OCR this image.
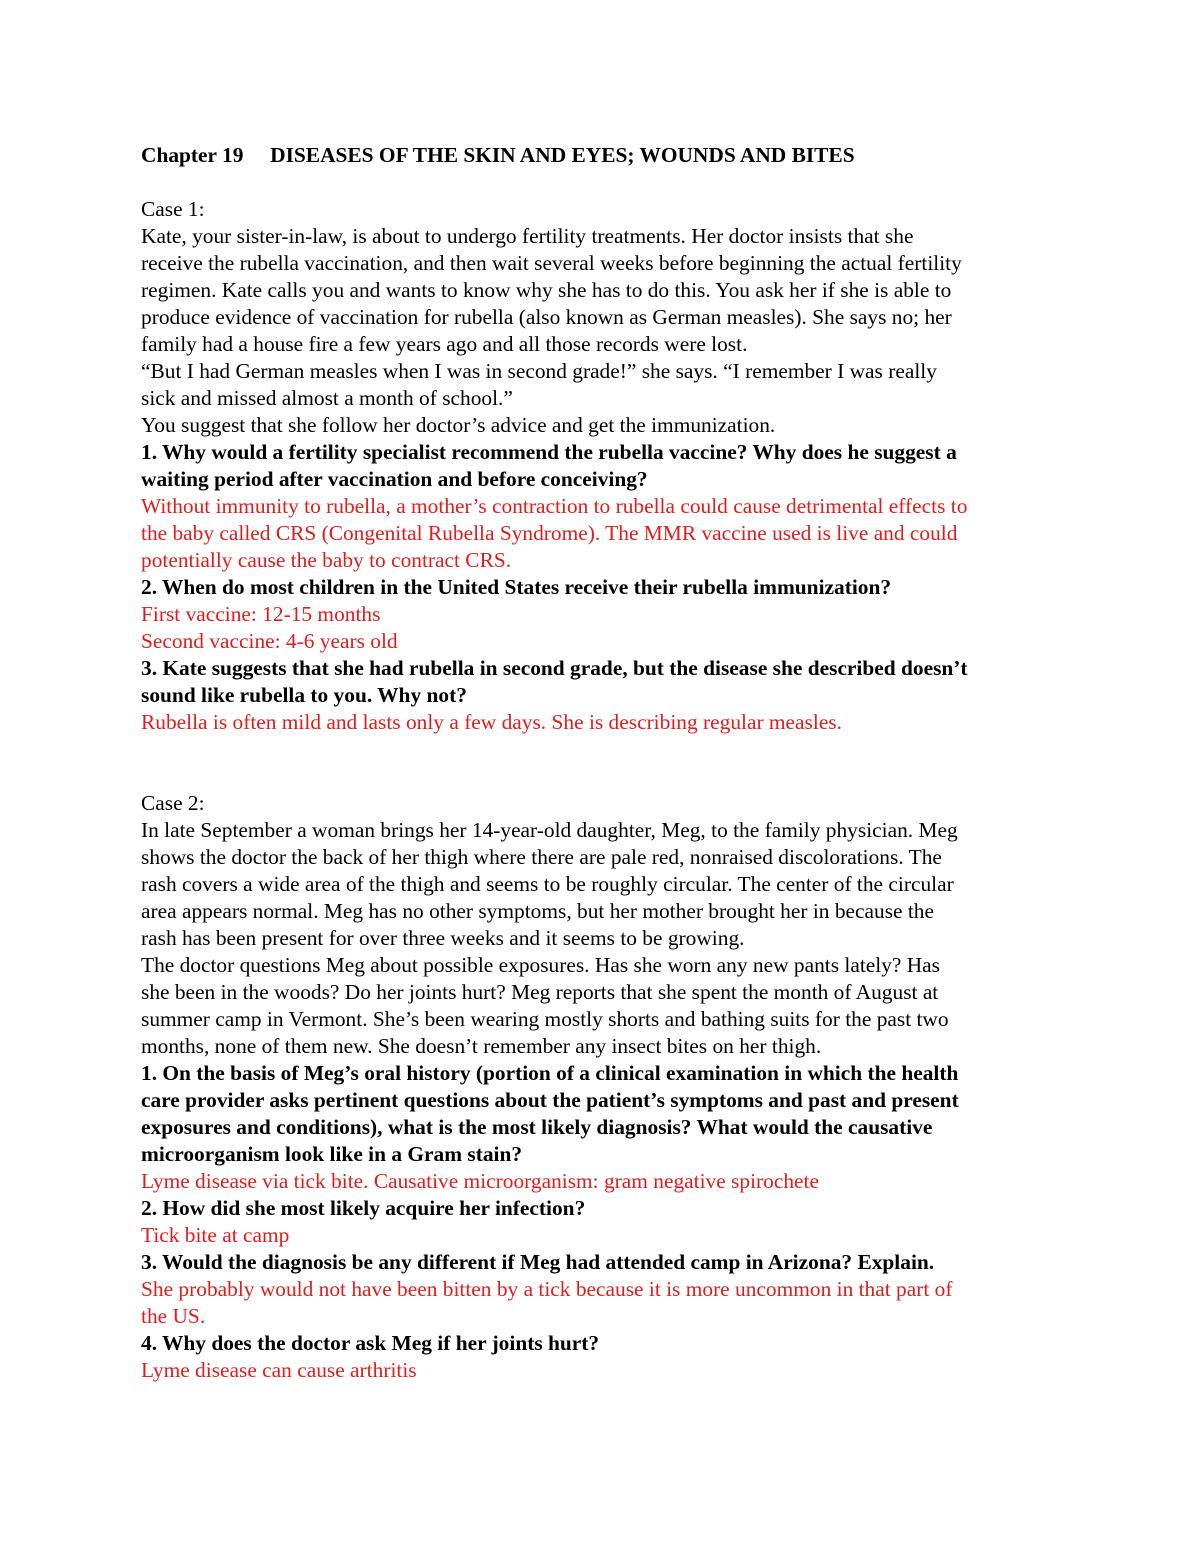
Chapter 19     DISEASES OF THE SKIN AND EYES; WOUNDS AND BITES
Case 1:
Kate, your sister-in-law, is about to undergo fertility treatments. Her doctor insists that she
receive the rubella vaccination, and then wait several weeks before beginning the actual fertility
regimen. Kate calls you and wants to know why she has to do this. You ask her if she is able to
produce evidence of vaccination for rubella (also known as German measles). She says no; her
family had a house fire a few years ago and all those records were lost.
“But I had German measles when I was in second grade!” she says. “I remember I was really
sick and missed almost a month of school.”
You suggest that she follow her doctor’s advice and get the immunization.
1. Why would a fertility specialist recommend the rubella vaccine? Why does he suggest a
waiting period after vaccination and before conceiving?
Without immunity to rubella, a mother’s contraction to rubella could cause detrimental effects to
the baby called CRS (Congenital Rubella Syndrome). The MMR vaccine used is live and could
potentially cause the baby to contract CRS.
2. When do most children in the United States receive their rubella immunization?
First vaccine: 12-15 months
Second vaccine: 4-6 years old
3. Kate suggests that she had rubella in second grade, but the disease she described doesn’t
sound like rubella to you. Why not?
Rubella is often mild and lasts only a few days. She is describing regular measles.
Case 2:
In late September a woman brings her 14-year-old daughter, Meg, to the family physician. Meg
shows the doctor the back of her thigh where there are pale red, nonraised discolorations. The
rash covers a wide area of the thigh and seems to be roughly circular. The center of the circular
area appears normal. Meg has no other symptoms, but her mother brought her in because the
rash has been present for over three weeks and it seems to be growing.
The doctor questions Meg about possible exposures. Has she worn any new pants lately? Has
she been in the woods? Do her joints hurt? Meg reports that she spent the month of August at
summer camp in Vermont. She’s been wearing mostly shorts and bathing suits for the past two
months, none of them new. She doesn’t remember any insect bites on her thigh.
1. On the basis of Meg’s oral history (portion of a clinical examination in which the health
care provider asks pertinent questions about the patient’s symptoms and past and present
exposures and conditions), what is the most likely diagnosis? What would the causative
microorganism look like in a Gram stain?
Lyme disease via tick bite. Causative microorganism: gram negative spirochete
2. How did she most likely acquire her infection?
Tick bite at camp
3. Would the diagnosis be any different if Meg had attended camp in Arizona? Explain.
She probably would not have been bitten by a tick because it is more uncommon in that part of
the US.
4. Why does the doctor ask Meg if her joints hurt?
Lyme disease can cause arthritis
